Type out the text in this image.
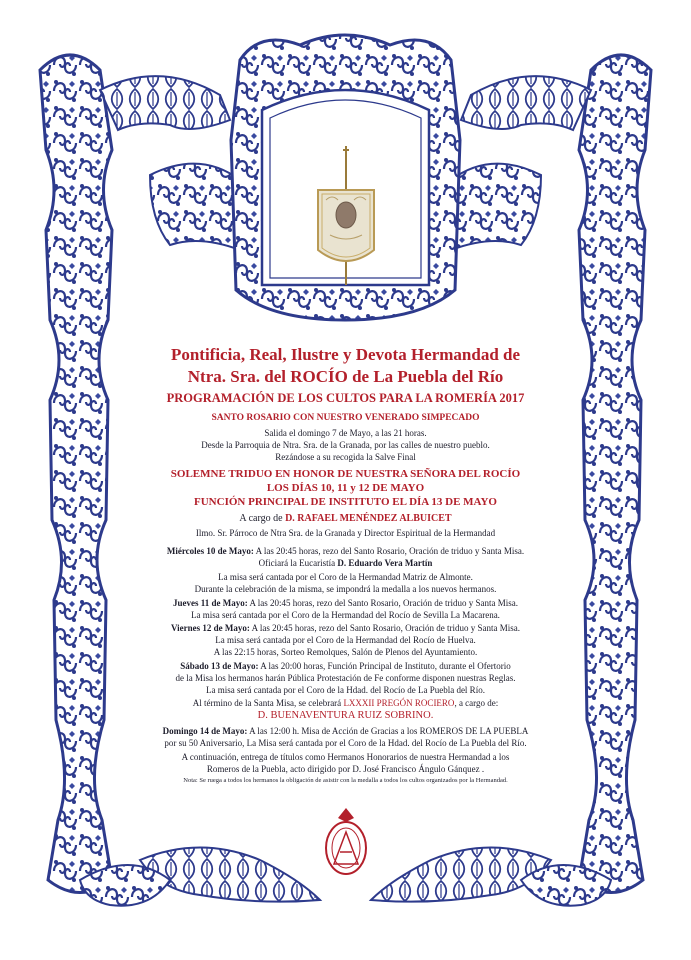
Pontificia, Real, Ilustre y Devota Hermandad de
Ntra. Sra. del ROCÍO de La Puebla del Río
PROGRAMACIÓN DE LOS CULTOS PARA LA ROMERÍA 2017
SANTO ROSARIO CON NUESTRO VENERADO SIMPECADO
Salida el domingo 7 de Mayo, a las 21 horas.
Desde la Parroquia de Ntra. Sra. de la Granada, por las calles de nuestro pueblo.
Rezándose a su recogida la Salve Final
SOLEMNE TRIDUO EN HONOR DE NUESTRA SEÑORA DEL ROCÍO
LOS DÍAS 10, 11 y 12 DE MAYO
FUNCIÓN PRINCIPAL DE INSTITUTO EL DÍA 13 DE MAYO
A cargo de D. RAFAEL MENÉNDEZ ALBUICET
Ilmo. Sr. Párroco de Ntra Sra. de la Granada y Director Espiritual de la Hermandad
Miércoles 10 de Mayo: A las 20:45 horas, rezo del Santo Rosario, Oración de triduo y Santa Misa.
Oficiará la Eucaristía D. Eduardo Vera Martín
La misa será cantada por el Coro de la Hermandad Matriz de Almonte.
Durante la celebración de la misma, se impondrá la medalla a los nuevos hermanos.
Jueves 11 de Mayo: A las 20:45 horas, rezo del Santo Rosario, Oración de triduo y Santa Misa.
La misa será cantada por el Coro de la Hermandad del Rocío de Sevilla La Macarena.
Viernes 12 de Mayo: A las 20:45 horas, rezo del Santo Rosario, Oración de triduo y Santa Misa.
La misa será cantada por el Coro de la Hermandad del Rocío de Huelva.
A las 22:15 horas, Sorteo Remolques, Salón de Plenos del Ayuntamiento.
Sábado 13 de Mayo: A las 20:00 horas, Función Principal de Instituto, durante el Ofertorio
de la Misa los hermanos harán Pública Protestación de Fe conforme disponen nuestras Reglas.
La misa será cantada por el Coro de la Hdad. del Rocío de La Puebla del Río.
Al término de la Santa Misa, se celebrará LXXXII PREGÓN ROCIERO, a cargo de:
D. BUENAVENTURA RUIZ SOBRINO.
Domingo 14 de Mayo: A las 12:00 h. Misa de Acción de Gracias a los ROMEROS DE LA PUEBLA
por su 50 Aniversario, La Misa será cantada por el Coro de la Hdad. del Rocío de La Puebla del Río.
A continuación, entrega de títulos como Hermanos Honorarios de nuestra Hermandad a los
Romeros de la Puebla, acto dirigido por D. José Francisco Ángulo Gánquez .
Nota: Se ruega a todos los hermanos la obligación de asistir con la medalla a todos los cultos organizados por la Hermandad.
